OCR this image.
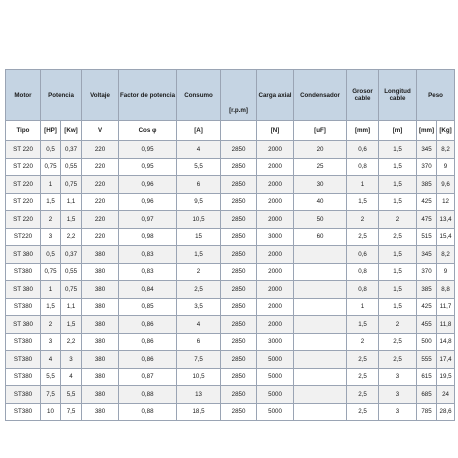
Motor	Potencia		Voltaje	Factor de potencia	Consumo	[r.p.m]	Carga axial	Condensador	Grosor cable	Longitud cable	Peso	
Tipo	[HP]	[Kw]	V	Cos φ	[A]		[N]	[uF]	[mm]	[m]	[mm]	[Kg]
ST 220	0,5	0,37	220	0,95	4	2850	2000	20	0,6	1,5	345	8,2
ST 220	0,75	0,55	220	0,95	5,5	2850	2000	25	0,8	1,5	370	9
ST 220	1	0,75	220	0,96	6	2850	2000	30	1	1,5	385	9,6
ST 220	1,5	1,1	220	0,96	9,5	2850	2000	40	1,5	1,5	425	12
ST 220	2	1,5	220	0,97	10,5	2850	2000	50	2	2	475	13,4
ST220	3	2,2	220	0,98	15	2850	3000	60	2,5	2,5	515	15,4
ST 380	0,5	0,37	380	0,83	1,5	2850	2000		0,6	1,5	345	8,2
ST380	0,75	0,55	380	0,83	2	2850	2000		0,8	1,5	370	9
ST 380	1	0,75	380	0,84	2,5	2850	2000		0,8	1,5	385	8,8
ST380	1,5	1,1	380	0,85	3,5	2850	2000		1	1,5	425	11,7
ST 380	2	1,5	380	0,86	4	2850	2000		1,5	2	455	11,8
ST380	3	2,2	380	0,86	6	2850	3000		2	2,5	500	14,8
ST380	4	3	380	0,86	7,5	2850	5000		2,5	2,5	555	17,4
ST380	5,5	4	380	0,87	10,5	2850	5000		2,5	3	615	19,5
ST380	7,5	5,5	380	0,88	13	2850	5000		2,5	3	685	24
ST380	10	7,5	380	0,88	18,5	2850	5000		2,5	3	785	28,6
